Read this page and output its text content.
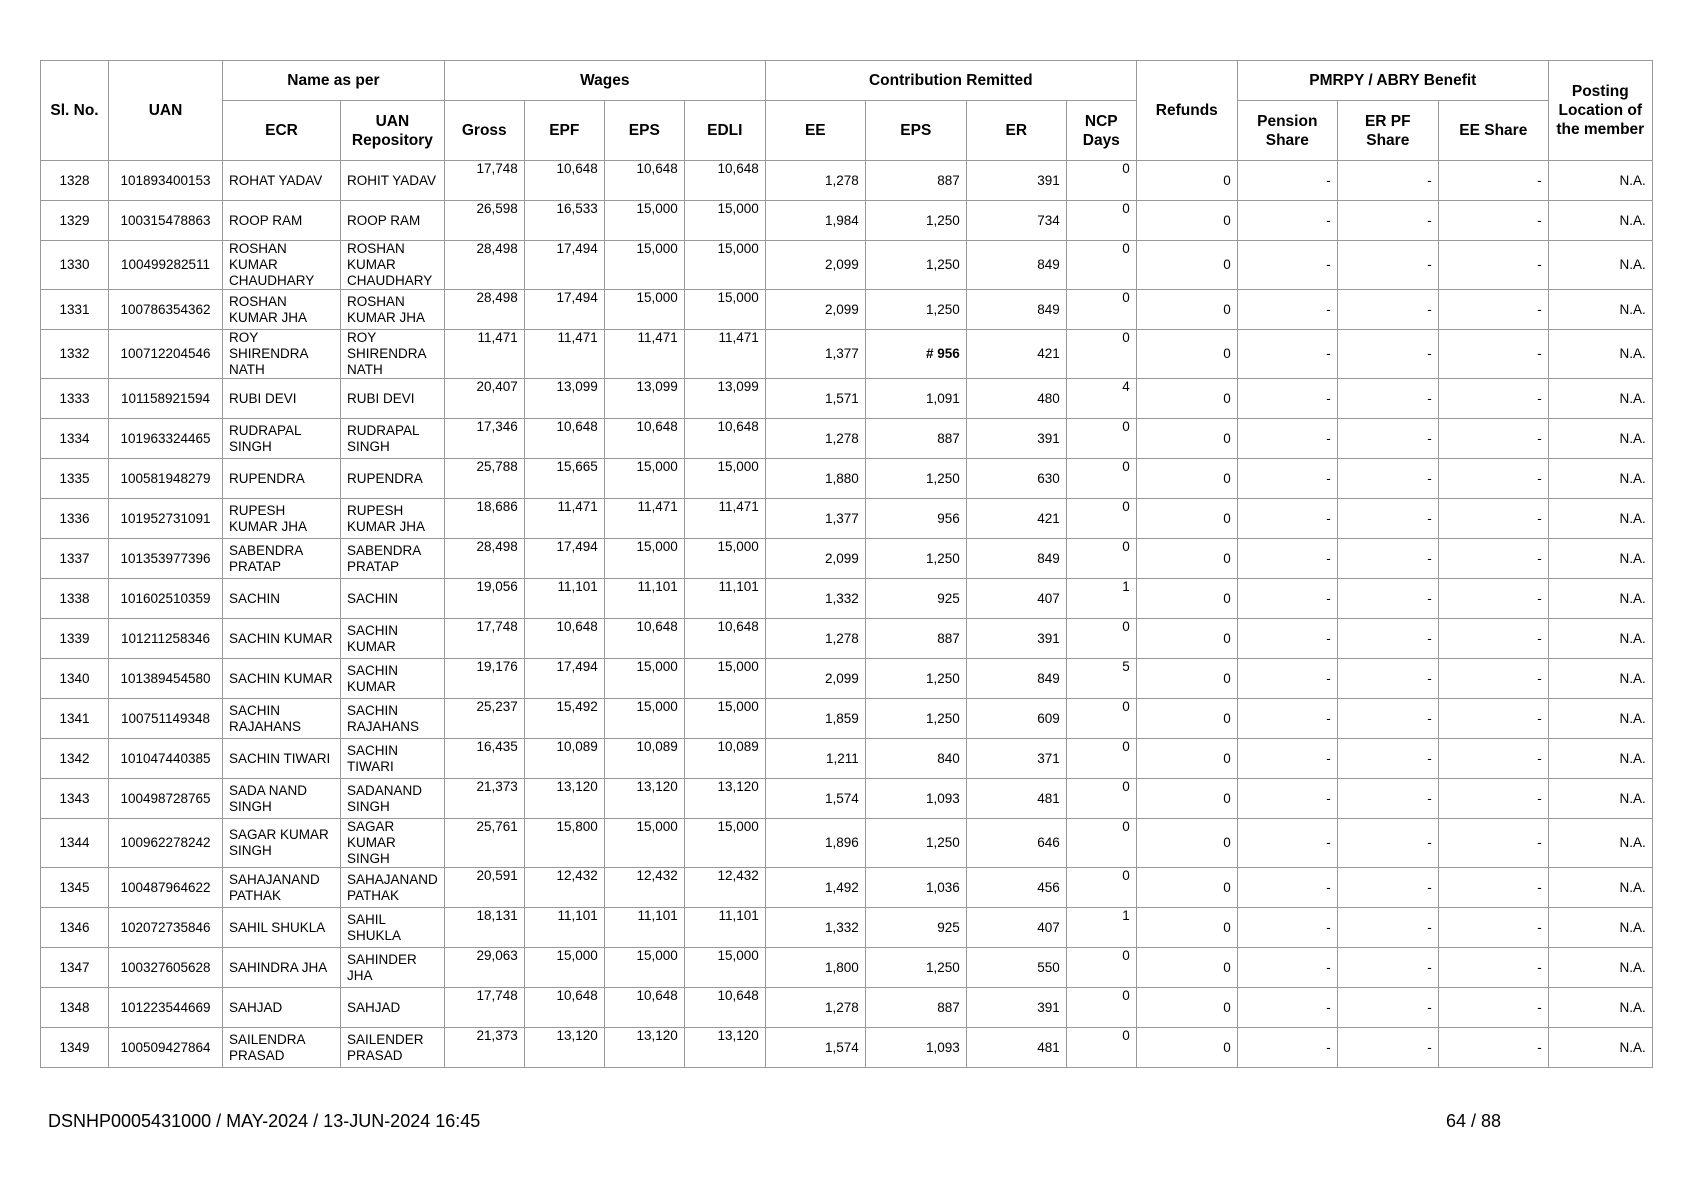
Sl. No.	UAN	Name as per		Wages				Contribution Remitted				Refunds	PMRPY / ABRY Benefit			Posting Location of the member
		ECR	UAN Repository	Gross	EPF	EPS	EDLI	EE	EPS	ER	NCP Days		Pension Share	ER PF Share	EE Share	
1328	101893400153	ROHAT YADAV	ROHIT YADAV	17,748	10,648	10,648	10,648	1,278	887	391	0	0	-	-	-	N.A.
1329	100315478863	ROOP RAM	ROOP RAM	26,598	16,533	15,000	15,000	1,984	1,250	734	0	0	-	-	-	N.A.
1330	100499282511	ROSHAN KUMAR CHAUDHARY	ROSHAN KUMAR CHAUDHARY	28,498	17,494	15,000	15,000	2,099	1,250	849	0	0	-	-	-	N.A.
1331	100786354362	ROSHAN KUMAR JHA	ROSHAN KUMAR JHA	28,498	17,494	15,000	15,000	2,099	1,250	849	0	0	-	-	-	N.A.
1332	100712204546	ROY SHIRENDRA NATH	ROY SHIRENDRA NATH	11,471	11,471	11,471	11,471	1,377	# 956	421	0	0	-	-	-	N.A.
1333	101158921594	RUBI DEVI	RUBI DEVI	20,407	13,099	13,099	13,099	1,571	1,091	480	4	0	-	-	-	N.A.
1334	101963324465	RUDRAPAL SINGH	RUDRAPAL SINGH	17,346	10,648	10,648	10,648	1,278	887	391	0	0	-	-	-	N.A.
1335	100581948279	RUPENDRA	RUPENDRA	25,788	15,665	15,000	15,000	1,880	1,250	630	0	0	-	-	-	N.A.
1336	101952731091	RUPESH KUMAR JHA	RUPESH KUMAR JHA	18,686	11,471	11,471	11,471	1,377	956	421	0	0	-	-	-	N.A.
1337	101353977396	SABENDRA PRATAP	SABENDRA PRATAP	28,498	17,494	15,000	15,000	2,099	1,250	849	0	0	-	-	-	N.A.
1338	101602510359	SACHIN	SACHIN	19,056	11,101	11,101	11,101	1,332	925	407	1	0	-	-	-	N.A.
1339	101211258346	SACHIN KUMAR	SACHIN KUMAR	17,748	10,648	10,648	10,648	1,278	887	391	0	0	-	-	-	N.A.
1340	101389454580	SACHIN KUMAR	SACHIN KUMAR	19,176	17,494	15,000	15,000	2,099	1,250	849	5	0	-	-	-	N.A.
1341	100751149348	SACHIN RAJAHANS	SACHIN RAJAHANS	25,237	15,492	15,000	15,000	1,859	1,250	609	0	0	-	-	-	N.A.
1342	101047440385	SACHIN TIWARI	SACHIN TIWARI	16,435	10,089	10,089	10,089	1,211	840	371	0	0	-	-	-	N.A.
1343	100498728765	SADA NAND SINGH	SADANAND SINGH	21,373	13,120	13,120	13,120	1,574	1,093	481	0	0	-	-	-	N.A.
1344	100962278242	SAGAR KUMAR SINGH	SAGAR KUMAR SINGH	25,761	15,800	15,000	15,000	1,896	1,250	646	0	0	-	-	-	N.A.
1345	100487964622	SAHAJANAND PATHAK	SAHAJANAND PATHAK	20,591	12,432	12,432	12,432	1,492	1,036	456	0	0	-	-	-	N.A.
1346	102072735846	SAHIL SHUKLA	SAHIL SHUKLA	18,131	11,101	11,101	11,101	1,332	925	407	1	0	-	-	-	N.A.
1347	100327605628	SAHINDRA JHA	SAHINDER JHA	29,063	15,000	15,000	15,000	1,800	1,250	550	0	0	-	-	-	N.A.
1348	101223544669	SAHJAD	SAHJAD	17,748	10,648	10,648	10,648	1,278	887	391	0	0	-	-	-	N.A.
1349	100509427864	SAILENDRA PRASAD	SAILENDER PRASAD	21,373	13,120	13,120	13,120	1,574	1,093	481	0	0	-	-	-	N.A.
DSNHP0005431000 / MAY-2024 / 13-JUN-2024 16:45	64 / 88
